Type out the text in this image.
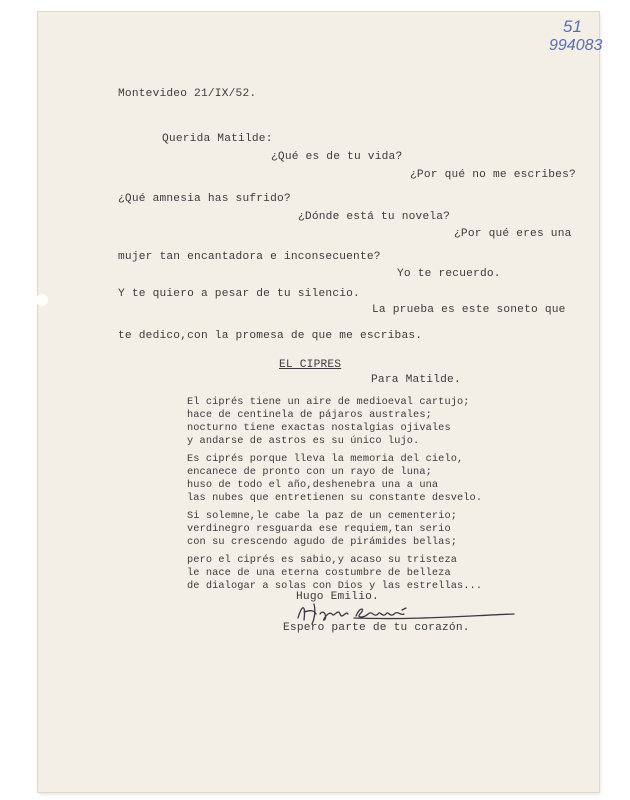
51
994083
Montevideo 21/IX/52.
Querida Matilde:
¿Qué es de tu vida?
¿Por qué no me escribes?
¿Qué amnesia has sufrido?
¿Dónde está tu novela?
¿Por qué eres una
mujer tan encantadora e inconsecuente?
Yo te recuerdo.
Y te quiero a pesar de tu silencio.
La prueba es este soneto que
te dedico,con la promesa de que me escribas.
EL CIPRES
Para Matilde.
El ciprés tiene un aire de medioeval cartujo;
hace de centinela de pájaros australes;
nocturno tiene exactas nostalgias ojivales
y andarse de astros es su único lujo.
Es ciprés porque lleva la memoria del cielo,
encanece de pronto con un rayo de luna;
huso de todo el año,deshenebra una a una
las nubes que entretienen su constante desvelo.
Si solemne,le cabe la paz de un cementerio;
verdinegro resguarda ese requiem,tan serio
con su crescendo agudo de pirámides bellas;
pero el ciprés es sabio,y acaso su tristeza
le nace de una eterna costumbre de belleza
de dialogar a solas con Dios y las estrellas...
Hugo Emilio.
Espero parte de tu corazón.
